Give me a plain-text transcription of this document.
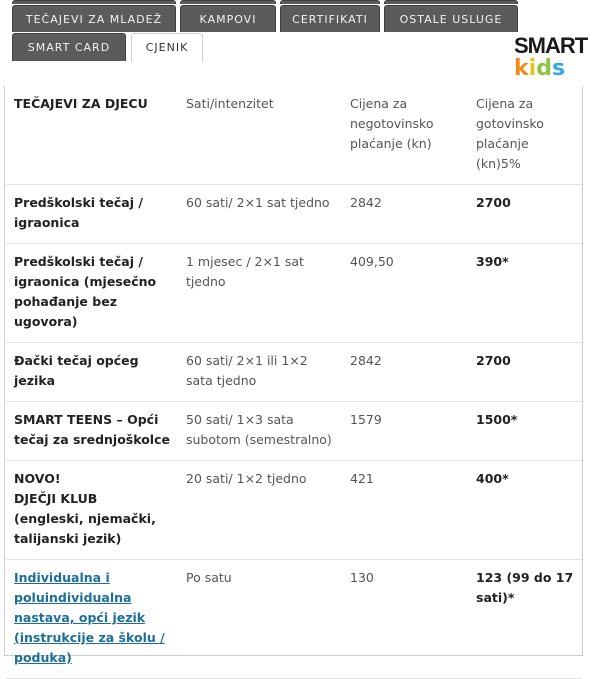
TEČAJEVI ZA MLADEŽ	KAMPOVI	CERTIFIKATI	OSTALE USLUGE
SMART CARD	CJENIK	SMART
kids
TEČAJEVI ZA DJECU	Sati/intenzitet	Cijena za negotovinsko plaćanje (kn)	Cijena za gotovinsko plaćanje (kn)5%
Predškolski tečaj / igraonica	60 sati/ 2×1 sat tjedno	2842	2700
Predškolski tečaj / igraonica (mjesečno pohađanje bez ugovora)	1 mjesec / 2×1 sat tjedno	409,50	390*
Đački tečaj općeg jezika	60 sati/ 2×1 ili 1×2 sata tjedno	2842	2700
SMART TEENS – Opći tečaj za srednjoškolce	50 sati/ 1×3 sata subotom (semestralno)	1579	1500*

NOVO!
DJEČJI KLUB
(engleski, njemački, talijanski jezik)	20 sati/ 1×2 tjedno	421	400*
Individualna i poluindividualna nastava, opći jezik (instrukcije za školu / poduka)	Po satu	130	123 (99 do 17 sati)*
